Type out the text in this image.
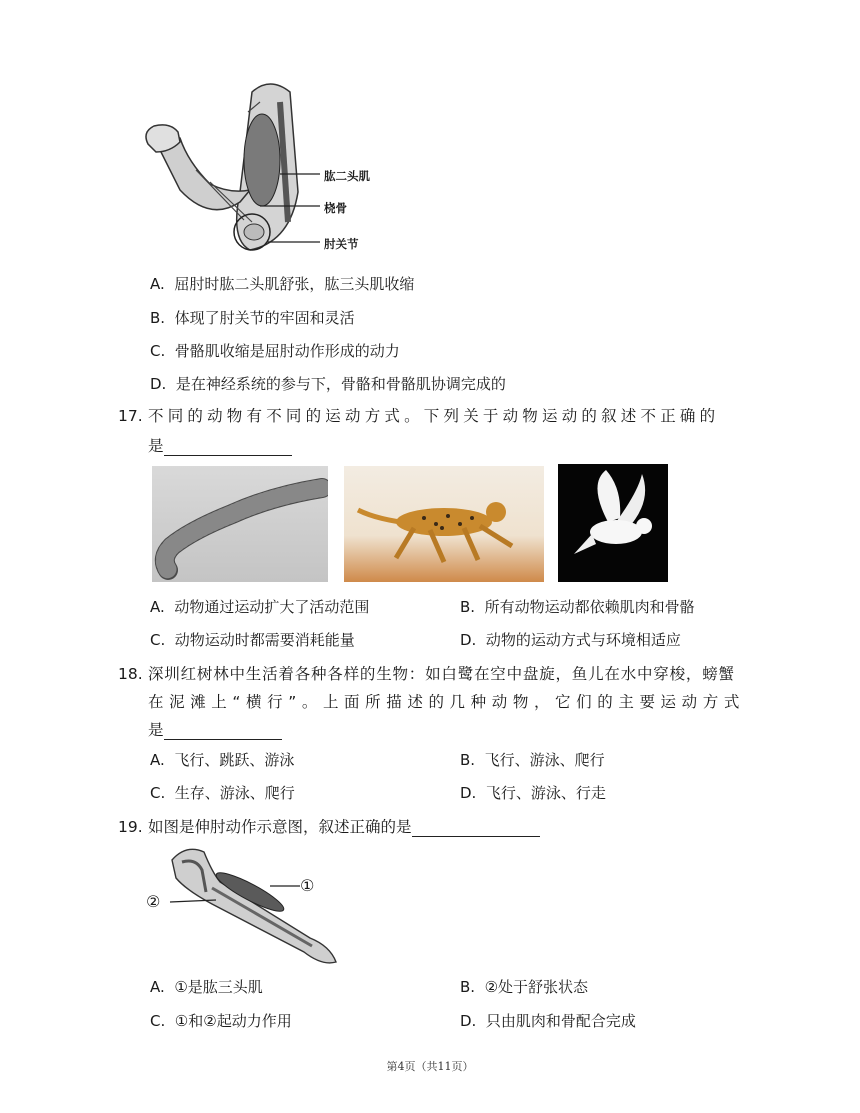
肱二头肌
桡骨
肘关节
A. 屈肘时肱二头肌舒张，肱三头肌收缩
B. 体现了肘关节的牢固和灵活
C. 骨骼肌收缩是屈肘动作形成的动力
D. 是在神经系统的参与下，骨骼和骨骼肌协调完成的
17. 不同的动物有不同的运动方式。下列关于动物运动的叙述不正确的
是
A. 动物通过运动扩大了活动范围	B. 所有动物运动都依赖肌肉和骨骼
C. 动物运动时都需要消耗能量	D. 动物的运动方式与环境相适应
18. 深圳红树林中生活着各种各样的生物：如白鹭在空中盘旋，鱼儿在水中穿梭，螃蟹
在泥滩上“横行”。上面所描述的几种动物，它们的主要运动方式
是
A. 飞行、跳跃、游泳	B. 飞行、游泳、爬行
C. 生存、游泳、爬行	D. 飞行、游泳、行走
19. 如图是伸肘动作示意图，叙述正确的是
①
②
A. ①是肱三头肌	B. ②处于舒张状态
C. ①和②起动力作用	D. 只由肌肉和骨配合完成
第4页（共11页）
